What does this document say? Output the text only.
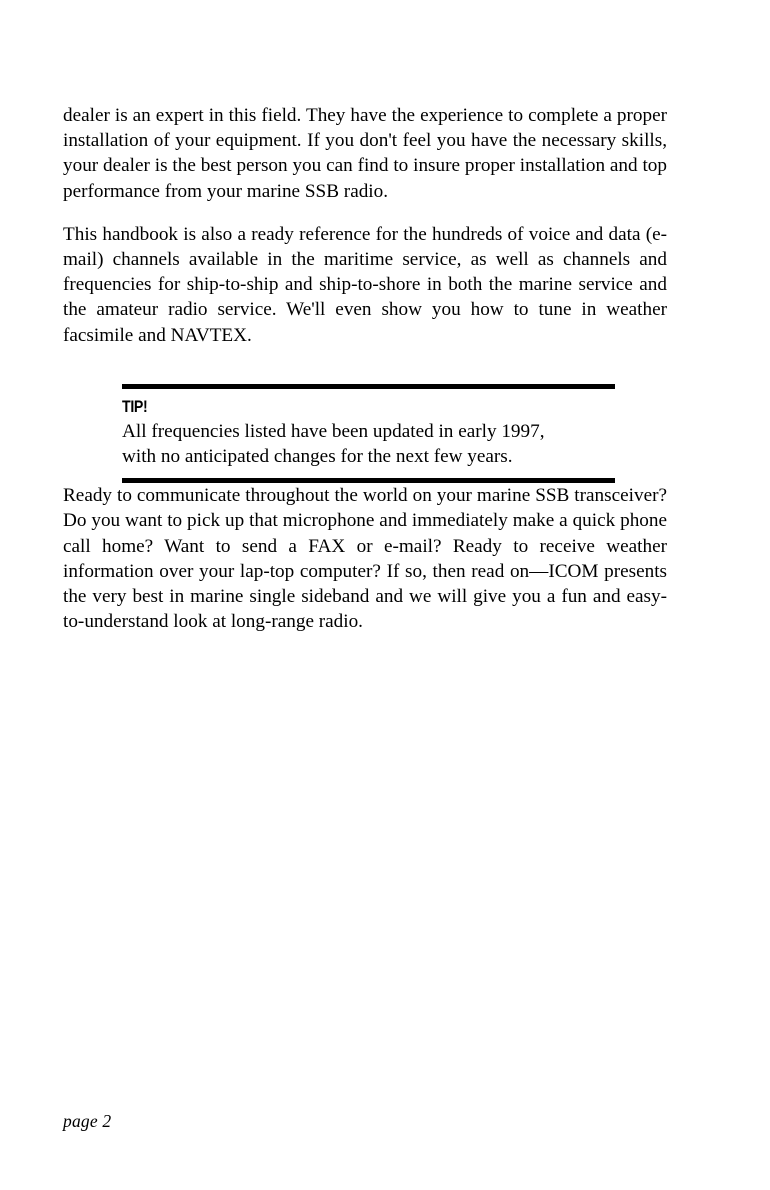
dealer is an expert in this field. They have the experience to complete a proper installation of your equipment. If you don't feel you have the necessary skills, your dealer is the best person you can find to insure proper installation and top performance from your marine SSB radio.

This handbook is also a ready reference for the hundreds of voice and data (e-mail) channels available in the maritime service, as well as channels and frequencies for ship-to-ship and ship-to-shore in both the marine service and the amateur radio service. We'll even show you how to tune in weather facsimile and NAVTEX.

TIP!

All frequencies listed have been updated in early 1997,

with no anticipated changes for the next few years.

Ready to communicate throughout the world on your marine SSB transceiver? Do you want to pick up that microphone and immediately make a quick phone call home? Want to send a FAX or e-mail? Ready to receive weather information over your lap-top computer? If so, then read on—ICOM presents the very best in marine single sideband and we will give you a fun and easy-to-understand look at long-range radio.

page 2
